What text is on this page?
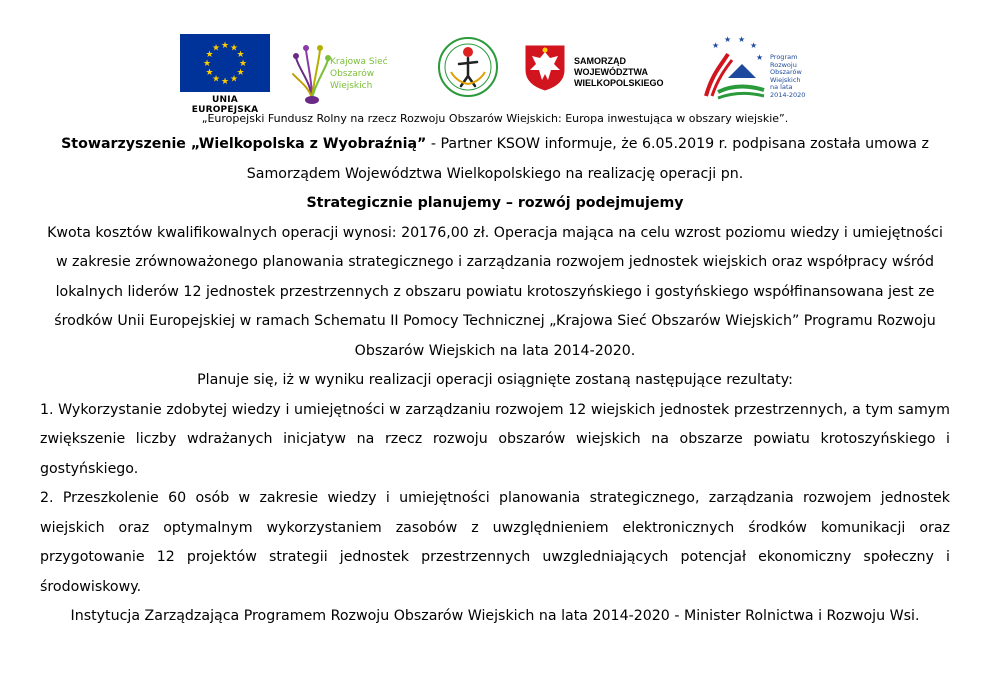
★ ★
★
★
★
★
★
★
★
★
★
★
UNIA EUROPEJSKA
Krajowa Sieć
Obszarów Wiejskich
SAMORZĄD WOJEWÓDZTWA
WIELKOPOLSKIEGO
★
★ ★
★
★ Program
Rozwoju
Obszarów
Wiejskich
na lata 2014-2020
„Europejski Fundusz Rolny na rzecz Rozwoju Obszarów Wiejskich: Europa inwestująca w obszary wiejskie”.

Stowarzyszenie „Wielkopolska z Wyobraźnią” - Partner KSOW informuje, że 6.05.2019 r. podpisana została umowa z Samorządem Województwa Wielkopolskiego na realizację operacji pn.

Strategicznie planujemy – rozwój podejmujemy

Kwota kosztów kwalifikowalnych operacji wynosi: 20176,00 zł. Operacja mająca na celu wzrost poziomu wiedzy i umiejętności w zakresie zrównoważonego planowania strategicznego i zarządzania rozwojem jednostek wiejskich oraz współpracy wśród lokalnych liderów 12 jednostek przestrzennych z obszaru powiatu krotoszyńskiego i gostyńskiego współfinansowana jest ze środków Unii Europejskiej w ramach Schematu II Pomocy Technicznej „Krajowa Sieć Obszarów Wiejskich” Programu Rozwoju Obszarów Wiejskich na lata 2014-2020.

Planuje się, iż w wyniku realizacji operacji osiągnięte zostaną następujące rezultaty:

1. Wykorzystanie zdobytej wiedzy i umiejętności w zarządzaniu rozwojem 12 wiejskich jednostek przestrzennych, a tym samym zwiększenie liczby wdrażanych inicjatyw na rzecz rozwoju obszarów wiejskich na obszarze powiatu krotoszyńskiego i gostyńskiego.

2. Przeszkolenie 60 osób w zakresie wiedzy i umiejętności planowania strategicznego, zarządzania rozwojem jednostek wiejskich oraz optymalnym wykorzystaniem zasobów z uwzględnieniem elektronicznych środków komunikacji oraz przygotowanie 12 projektów strategii jednostek przestrzennych uwzgledniających potencjał ekonomiczny społeczny i środowiskowy.

Instytucja Zarządzająca Programem Rozwoju Obszarów Wiejskich na lata 2014-2020 - Minister Rolnictwa i Rozwoju Wsi.
